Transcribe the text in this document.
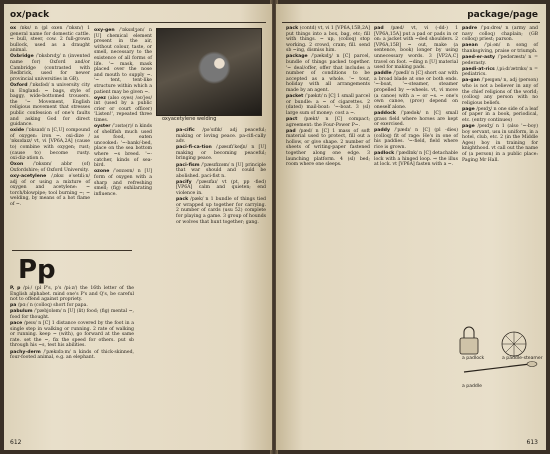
ox/pack

ox /ɒks/ n (pl oxen /ˈɒksn/) 1 general name for domestic cattle. ⇨ bull, steer, cow. 2 full-grown bullock, used as a draught animal.

Oxbridge /ˈɒksbrɪdʒ/ n (invented name for) Oxford and/or Cambridge (contrasted with Redbrick, used for newer provincial universities in GB).

Oxford /ˈɒksfəd/ n university city in England: ~ bags, style of baggy, wide-bottomed trousers. the '~ Movement, English religious movement that stresses public confession of one's faults and asking God for direct guidance.

oxide /ˈɒksaɪd/ n [C,U] compound of oxygen: iron ~. oxi·dize /ˈɒksɪdaɪz/ vt, vi [VP6A,2A] (cause to) combine with oxygen; rust; (cause to) become rusty. oxi·diz·ation n.

Oxon /ˈɒksɒn/ abbr (of) Oxfordshire; of Oxford University.

oxy-acetylene /ˌɒksɪ əˈsetɪliːn/ adj of or using a mixture of oxygen and acetylene: ~ torch/blowpipe; tool burning ~; ~ welding, by means of a hot flame of ~.

oxy-gen /ˈɒksɪdʒən/ n [U] chemical element present in the air, without colour, taste, or smell, necessary to the existence of all forms of life. '~ mask, mask placed over the nose and mouth to supply ~. '~ tent, tent-like structure within which a patient may be given ~.

oyez (also oyes) /əʊˈjes/ int (used by a public crier or court officer) 'Listen!', repeated three times.

oyster /ˈɔɪstə(r)/ n kinds of shellfish much used as food, eaten uncooked: '~-bank/-bed, place on the sea bottom where ~s breed. '~-catcher, kinds of sea-bird.

ozone /ˈəʊzəʊn/ n [U] form of oxygen with a sharp and refreshing smell; (fig) exhilarating influence.

oxyacetylene welding

pa-cific /pəˈsɪfɪk/ adj peaceful; making or loving peace. pa-cifi-cally adv.

paci-fi-ca-tion /ˌpæsɪfɪˈkeɪʃn/ n [U] making or becoming peaceful; bringing peace.

paci-fism /ˈpæsɪfɪzəm/ n [U] principle that war should and could be abolished. paci-fist n.

pacify /ˈpæsɪfaɪ/ vt (pt, pp -fied) [VP6A] calm and quieten; end violence in.

pack /pæk/ n 1 bundle of things tied or wrapped up together for carrying. 2 number of cards (usu 52) complete for playing a game. 3 group of hounds or wolves that hunt together; gang.

Pp

P, p /piː/ (pl P's, p's /piːz/) the 16th letter of the English alphabet. mind one's P's and Q's, be careful not to offend against propriety.

pa /pɑː/ n (colloq) short for papa.

pabulum /ˈpæbjʊləm/ n [U] (lit) food; (fig) mental ~, food for thought.

pace /peɪs/ n [C] 1 distance covered by the foot in a single step in walking or running. 2 rate of walking or running. keep ~ (with), go forward at the same rate. set the ~, fix the speed for others. put sb through his ~s, test his abilities.

pachy-derm /ˈpækɪdɜːm/ n kinds of thick-skinned, four-footed animal, e.g. an elephant.

612
package/page

pack (contd) vt, vi 1 [VP6A,15B,2A] put things into a box, bag, etc; fill with things. ~ up, (colloq) stop working. 2 crowd, cram; fill. send sb ~ing, dismiss him.

package /ˈpækɪdʒ/ n [C] parcel, bundle of things packed together. '~ deal/offer, offer that includes a number of conditions to be accepted as a whole. '~ tour, holiday with all arrangements made by an agent.

packet /ˈpækɪt/ n [C] 1 small parcel or bundle: a ~ of cigarettes. 2 (dated) mail-boat: '~-boat. 3 (sl) large sum of money: cost a ~.

pact /pækt/ n [C] compact; agreement: the Four-Power P~.

pad /pæd/ n [C] 1 mass of soft material used to protect, fill out a hollow, or give shape. 2 number of sheets of writing-paper fastened together along one edge. 3 launching platform. 4 (sl) bed; room where one sleeps.

pad /pæd/ vt, vi (-dd-) 1 [VP6A,15A] put a pad or pads in or on: a jacket with ~ded shoulders. 2 [VP6A,15B] ~ out, make (a sentence, book) longer by using unnecessary words. 3 [VP2A,C] travel on foot. ~ding n [U] material used for making pads.

paddle /ˈpædl/ n [C] short oar with a broad blade at one or both ends. '~-boat, '~-steamer, steamer propelled by ~-wheels. vt, vi move (a canoe) with a ~ or ~s. ~ one's own canoe, (prov) depend on oneself alone.

paddock /ˈpædək/ n [C] small grass field where horses are kept or exercised.

paddy /ˈpædɪ/ n [C] (pl -dies) (colloq) fit of rage: He's in one of his paddies. '~-field, field where rice is grown.

padlock /ˈpædlɒk/ n [C] detachable lock with a hinged loop. ⇨ the illus at lock. vt [VP6A] fasten with a ~.

padre /ˈpɑːdreɪ/ n (army and navy colloq) chaplain; (GB colloq) priest; parson.

paean /ˈpiːən/ n song of thanksgiving, praise or triumph.

paed-er-asty /ˈpedəræstɪ/ n = pederasty.

paedi-at-rics /ˌpiːdɪˈætrɪks/ n = pediatrics.

pa-gan /ˈpeɪɡən/ n, adj (person) who is not a believer in any of the chief religions of the world; (colloq) any person with no religious beliefs.

page /peɪdʒ/ n one side of a leaf of paper in a book, periodical, etc. (entry continues)

page /peɪdʒ/ n 1 (also '~-boy) boy servant, usu in uniform, in a hotel, club, etc. 2 (in the Middle Ages) boy in training for knighthood. vt call out the name of (a person) in a public place: Paging Mr Hall.

a padlock	a paddle-steamer
a paddle
613
